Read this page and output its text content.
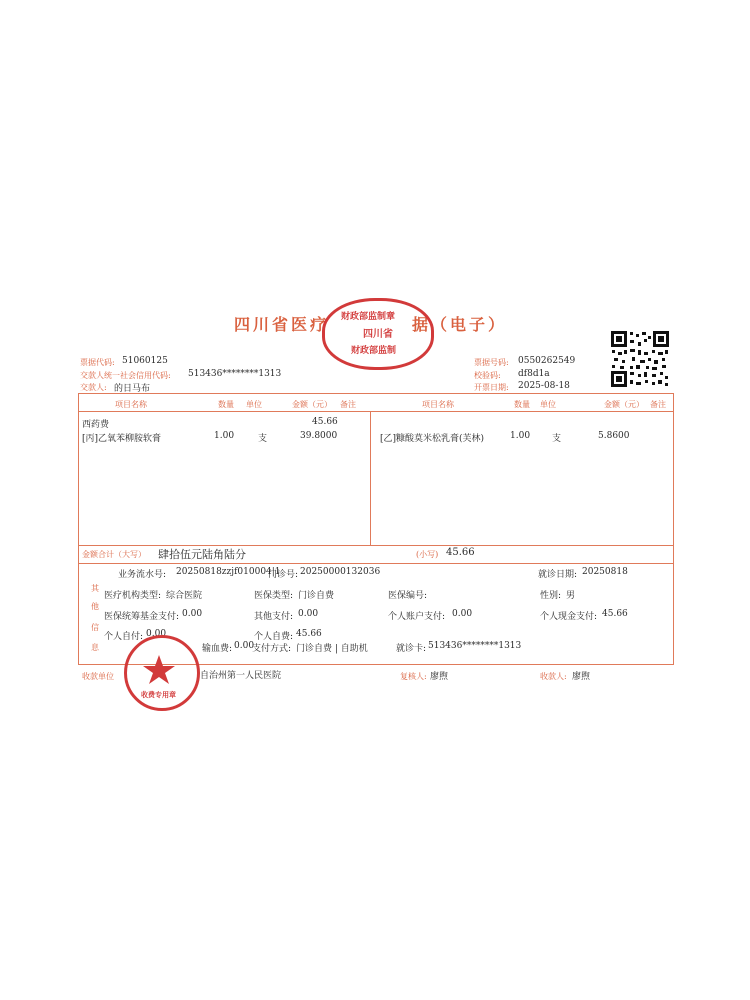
四川省医疗	据（电子）
财政部监制章
四川省
财政部监制
票据代码: 51060125
交款人统一社会信用代码: 513436********1313
交款人: 的日马布
票据号码: 0550262549
校验码: df8d1a
开票日期: 2025-08-18
项目名称	数量 单位	金额（元） 备注	项目名称	数量 单位	金额（元） 备注
西药费	45.66
[丙]乙氧苯柳胺软膏	1.00	支	39.8000	[乙]糠酸莫米松乳膏(芙林)	1.00 支	5.8600
金额合计（大写） 肆拾伍元陆角陆分	(小写) 45.66
其
他
信
息
业务流水号: 20250818zzjf010004|1
门诊号: 20250000132036	就诊日期: 20250818
医疗机构类型: 综合医院	医保类型: 门诊自费	医保编号:	性别: 男
医保统筹基金支付: 0.00	其他支付: 0.00	个人账户支付: 0.00	个人现金支付: 45.66
个人自付: 0.00	个人自费: 45.66
输血费: 0.00
支付方式: 门诊自费 | 自助机	就诊卡: 513436********1313
收款单位	自治州第一人民医院	复核人: 廖煦	收款人: 廖煦
收费专用章
